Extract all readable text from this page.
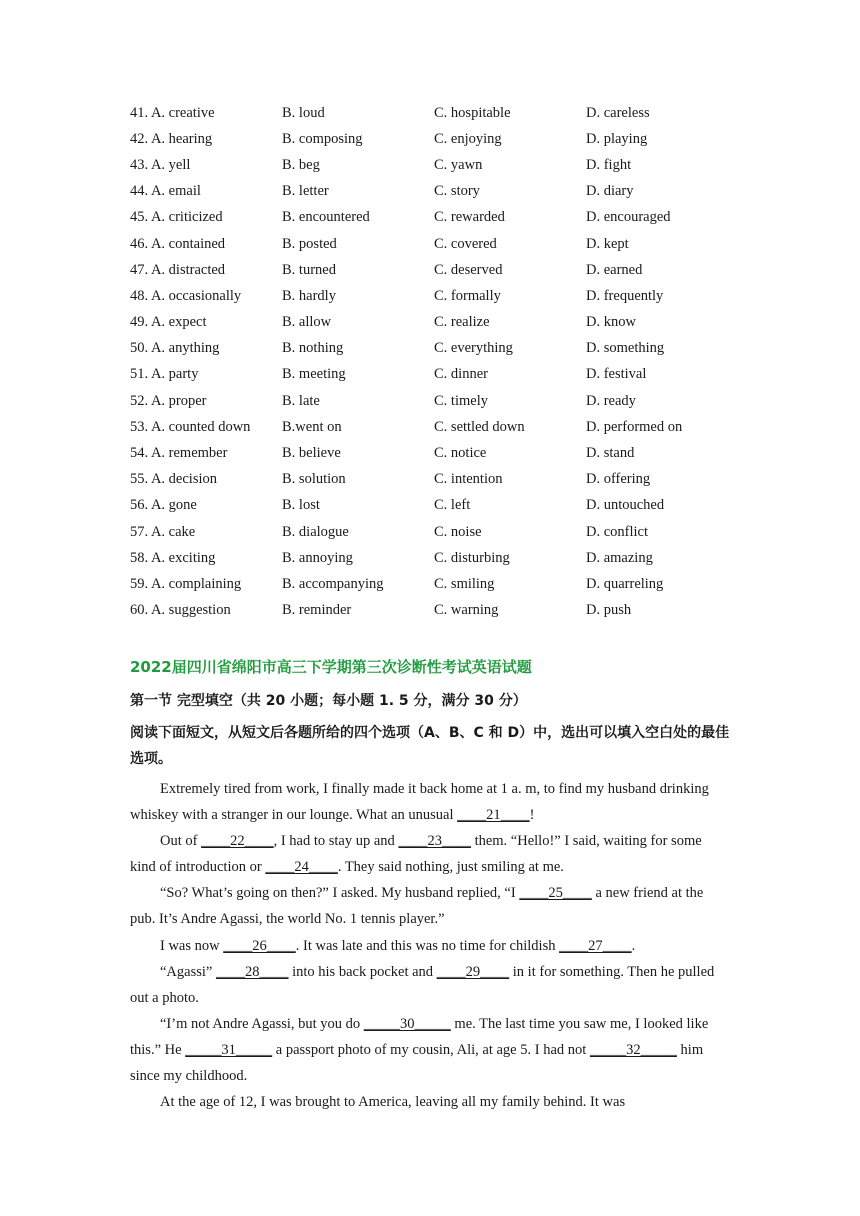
41. A. creative	B. loud	C. hospitable	D. careless
42. A. hearing	B. composing	C. enjoying	D. playing
43. A. yell	B. beg	C. yawn	D. fight
44. A. email	B. letter	C. story	D. diary
45. A. criticized	B. encountered	C. rewarded	D. encouraged
46. A. contained	B. posted	C. covered	D. kept
47. A. distracted	B. turned	C. deserved	D. earned
48. A. occasionally	B. hardly	C. formally	D. frequently
49. A. expect	B. allow	C. realize	D. know
50. A. anything	B. nothing	C. everything	D. something
51. A. party	B. meeting	C. dinner	D. festival
52. A. proper	B. late	C. timely	D. ready
53. A. counted down	B.went on	C. settled down	D. performed on
54. A. remember	B. believe	C. notice	D. stand
55. A. decision	B. solution	C. intention	D. offering
56. A. gone	B. lost	C. left	D. untouched
57. A. cake	B. dialogue	C. noise	D. conflict
58. A. exciting	B. annoying	C. disturbing	D. amazing
59. A. complaining	B. accompanying	C. smiling	D. quarreling
60. A. suggestion	B. reminder	C. warning	D. push
2022届四川省绵阳市高三下学期第三次诊断性考试英语试题
第一节 完型填空（共 20 小题；每小题 1. 5 分，满分 30 分）
阅读下面短文，从短文后各题所给的四个选项（A、B、C 和 D）中，选出可以填入空白处的最佳选项。

Extremely tired from work, I finally made it back home at 1 a. m, to find my husband drinking whiskey with a stranger in our lounge. What an unusual ____21____!

Out of ____22____, I had to stay up and ____23____ them. “Hello!” I said, waiting for some kind of introduction or ____24____. They said nothing, just smiling at me.

“So? What’s going on then?” I asked. My husband replied, “I ____25____ a new friend at the pub. It’s Andre Agassi, the world No. 1 tennis player.”

I was now ____26____. It was late and this was no time for childish ____27____.

“Agassi” ____28____ into his back pocket and ____29____ in it for something. Then he pulled out a photo.

“I’m not Andre Agassi, but you do _____30_____ me. The last time you saw me, I looked like this.” He _____31_____ a passport photo of my cousin, Ali, at age 5. I had not _____32_____ him since my childhood.

At the age of 12, I was brought to America, leaving all my family behind. It was
